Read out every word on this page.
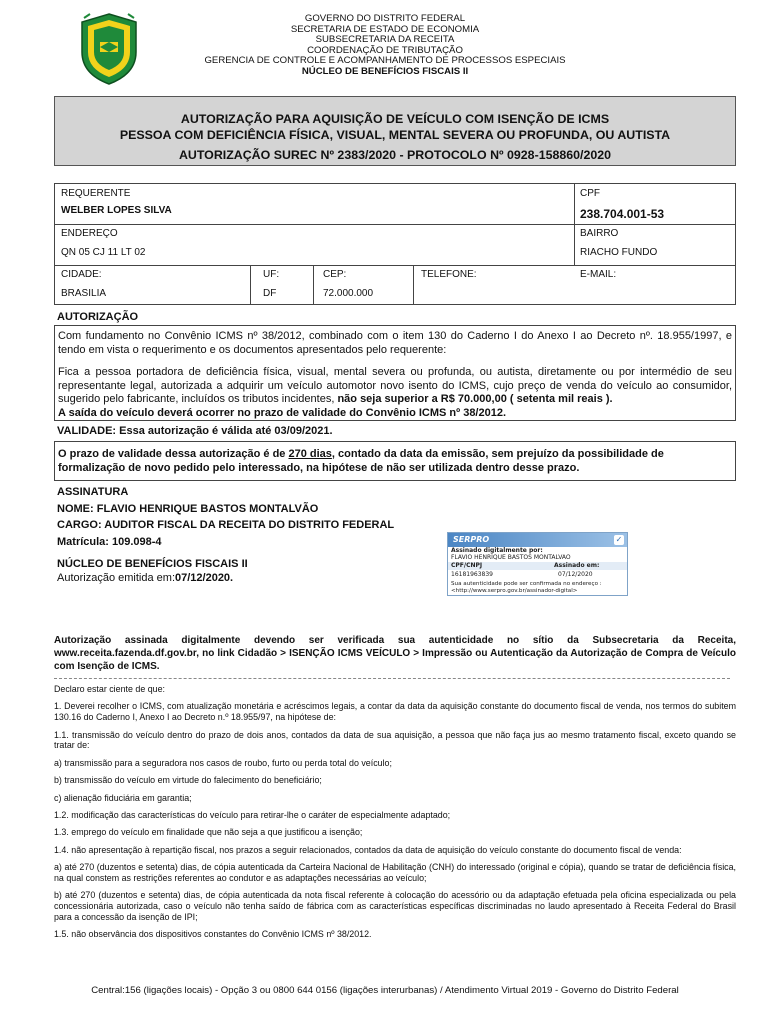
GOVERNO DO DISTRITO FEDERAL
SECRETARIA DE ESTADO DE ECONOMIA
SUBSECRETARIA DA RECEITA
COORDENAÇÃO DE TRIBUTAÇÃO
GERENCIA DE CONTROLE E ACOMPANHAMENTO DE PROCESSOS ESPECIAIS
NÚCLEO DE BENEFÍCIOS FISCAIS II
AUTORIZAÇÃO PARA AQUISIÇÃO DE VEÍCULO COM ISENÇÃO DE ICMS
PESSOA COM DEFICIÊNCIA FÍSICA, VISUAL, MENTAL SEVERA OU PROFUNDA, OU AUTISTA
AUTORIZAÇÃO SUREC Nº 2383/2020 - PROTOCOLO Nº 0928-158860/2020
REQUERENTE
WELBER LOPES SILVA
CPF
238.704.001-53
ENDEREÇO
QN 05 CJ 11 LT 02
BAIRRO
RIACHO FUNDO
CIDADE:
BRASILIA
UF:
DF
CEP:
72.000.000
TELEFONE:	E-MAIL:
AUTORIZAÇÃO

Com fundamento no Convênio ICMS nº 38/2012, combinado com o item 130 do Caderno I do Anexo I ao Decreto nº. 18.955/1997, e tendo em vista o requerimento e os documentos apresentados pelo requerente:

Fica a pessoa portadora de deficiência física, visual, mental severa ou profunda, ou autista, diretamente ou por intermédio de seu representante legal, autorizada a adquirir um veículo automotor novo isento do ICMS, cujo preço de venda do veículo ao consumidor, sugerido pelo fabricante, incluídos os tributos incidentes, não seja superior a R$ 70.000,00 ( setenta mil reais ).

A saída do veículo deverá ocorrer no prazo de validade do Convênio ICMS nº 38/2012.

VALIDADE: Essa autorização é válida até 03/09/2021.
O prazo de validade dessa autorização é de 270 dias, contado da data da emissão, sem prejuízo da possibilidade de formalização de novo pedido pelo interessado, na hipótese de não ser utilizada dentro desse prazo.
ASSINATURA
NOME: FLAVIO HENRIQUE BASTOS MONTALVÃO
CARGO: AUDITOR FISCAL DA RECEITA DO DISTRITO FEDERAL
Matrícula: 109.098-4
NÚCLEO DE BENEFÍCIOS FISCAIS II
Autorização emitida em:07/12/2020.
SERPRO	✓
Assinado digitalmente por:
FLAVIO HENRIQUE BASTOS MONTALVAO
CPF/CNPJ	Assinado em:
16181963839	07/12/2020
Sua autenticidade pode ser confirmada no endereço :
<http://www.serpro.gov.br/assinador-digital>
Autorização assinada digitalmente devendo ser verificada sua autenticidade no sítio da Subsecretaria da Receita, www.receita.fazenda.df.gov.br, no link Cidadão > ISENÇÃO ICMS VEÍCULO > Impressão ou Autenticação da Autorização de Compra de Veículo com Isenção de ICMS.

Declaro estar ciente de que:

1. Deverei recolher o ICMS, com atualização monetária e acréscimos legais, a contar da data da aquisição constante do documento fiscal de venda, nos termos do subitem 130.16 do Caderno I, Anexo I ao Decreto n.º 18.955/97, na hipótese de:

1.1. transmissão do veículo dentro do prazo de dois anos, contados da data de sua aquisição, a pessoa que não faça jus ao mesmo tratamento fiscal, exceto quando se tratar de:

a) transmissão para a seguradora nos casos de roubo, furto ou perda total do veículo;

b) transmissão do veículo em virtude do falecimento do beneficiário;

c) alienação fiduciária em garantia;

1.2. modificação das características do veículo para retirar-lhe o caráter de especialmente adaptado;

1.3. emprego do veículo em finalidade que não seja a que justificou a isenção;

1.4. não apresentação à repartição fiscal, nos prazos a seguir relacionados, contados da data de aquisição do veículo constante do documento fiscal de venda:

a) até 270 (duzentos e setenta) dias, de cópia autenticada da Carteira Nacional de Habilitação (CNH) do interessado (original e cópia), quando se tratar de deficiência física, na qual constem as restrições referentes ao condutor e as adaptações necessárias ao veículo;

b) até 270 (duzentos e setenta) dias, de cópia autenticada da nota fiscal referente à colocação do acessório ou da adaptação efetuada pela oficina especializada ou pela concessionária autorizada, caso o veículo não tenha saído de fábrica com as características específicas discriminadas no laudo apresentado à Receita Federal do Brasil para a concessão da isenção de IPI;

1.5. não observância dos dispositivos constantes do Convênio ICMS nº 38/2012.

Central:156 (ligações locais) - Opção 3 ou 0800 644 0156 (ligações interurbanas) / Atendimento Virtual 2019 - Governo do Distrito Federal
